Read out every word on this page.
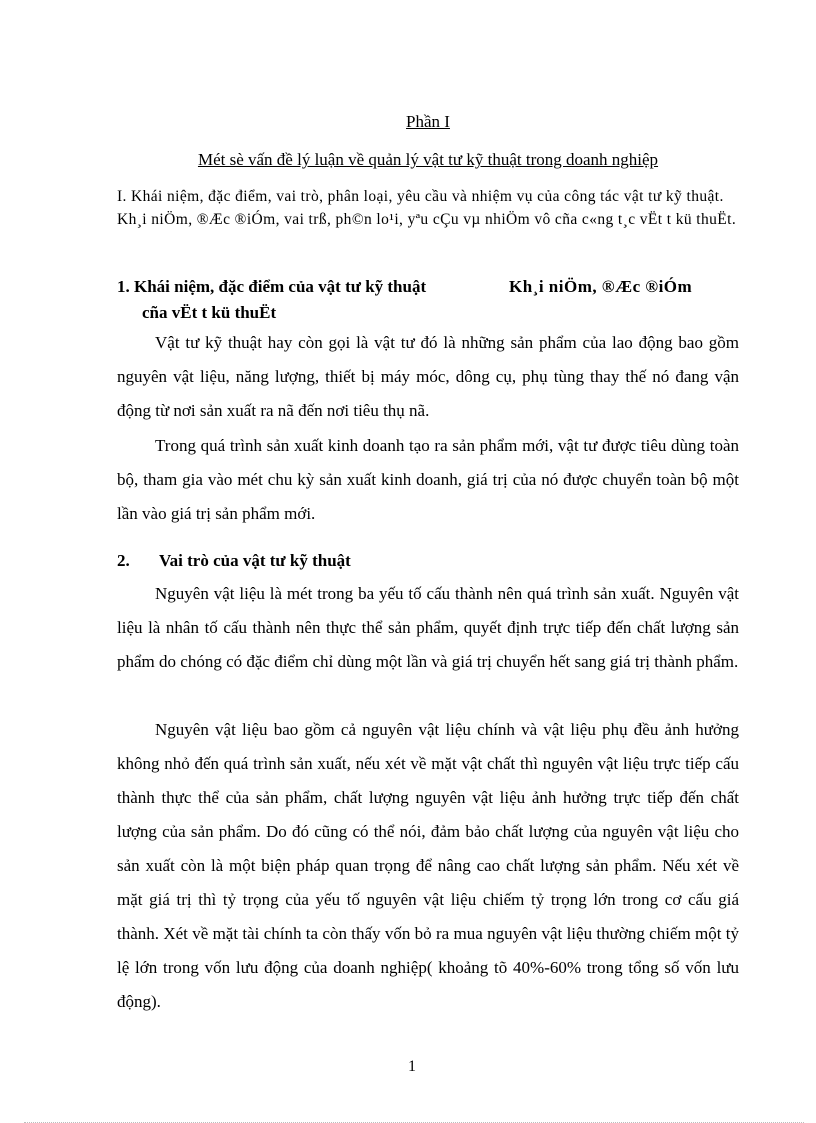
Phần I
Mét sè vấn đề lý luận về quản lý vật tư kỹ thuật trong doanh nghiệp
I. Khái niệm, đặc điểm, vai trò, phân loại, yêu cầu và nhiệm vụ của công tác vật tư kỹ thuật. Kh¸i niÖm, ®Æc ®iÓm, vai trß, ph©n lo¹i, yªu cÇu vµ nhiÖm vô cña c«ng t¸c vËt t kü thuËt.
1. Khái niệm, đặc điểm của vật tư kỹ thuật	Kh¸i niÖm, ®Æc ®iÓm
cña vËt t kü thuËt

Vật tư kỹ thuật hay còn gọi là vật tư đó là những sản phẩm của lao động bao gồm nguyên vật liệu, năng lượng, thiết bị máy móc, dông cụ, phụ tùng thay thế nó đang vận động từ nơi sản xuất ra nã đến nơi tiêu thụ nã.

Trong quá trình sản xuất kinh doanh tạo ra sản phẩm mới, vật tư được tiêu dùng toàn bộ, tham gia vào mét chu kỳ sản xuất kinh doanh, giá trị của nó được chuyển toàn bộ một lần vào giá trị sản phẩm mới.

2. Vai trò của vật tư kỹ thuật

Nguyên vật liệu là mét trong ba yếu tố cấu thành nên quá trình sản xuất. Nguyên vật liệu là nhân tố cấu thành nên thực thể sản phẩm, quyết định trực tiếp đến chất lượng sản phẩm do chóng có đặc điểm chỉ dùng một lần và giá trị chuyển hết sang giá trị thành phẩm.

Nguyên vật liệu bao gồm cả nguyên vật liệu chính và vật liệu phụ đều ảnh hưởng không nhỏ đến quá trình sản xuất, nếu xét về mặt vật chất thì nguyên vật liệu trực tiếp cấu thành thực thể của sản phẩm, chất lượng nguyên vật liệu ảnh hưởng trực tiếp đến chất lượng của sản phẩm. Do đó cũng có thể nói, đảm bảo chất lượng của nguyên vật liệu cho sản xuất còn là một biện pháp quan trọng để nâng cao chất lượng sản phẩm. Nếu xét về mặt giá trị thì tỷ trọng của yếu tố nguyên vật liệu chiếm tỷ trọng lớn trong cơ cấu giá thành. Xét về mặt tài chính ta còn thấy vốn bỏ ra mua nguyên vật liệu thường chiếm một tỷ lệ lớn trong vốn lưu động của doanh nghiệp( khoảng tõ 40%-60% trong tổng số vốn lưu động).

1
